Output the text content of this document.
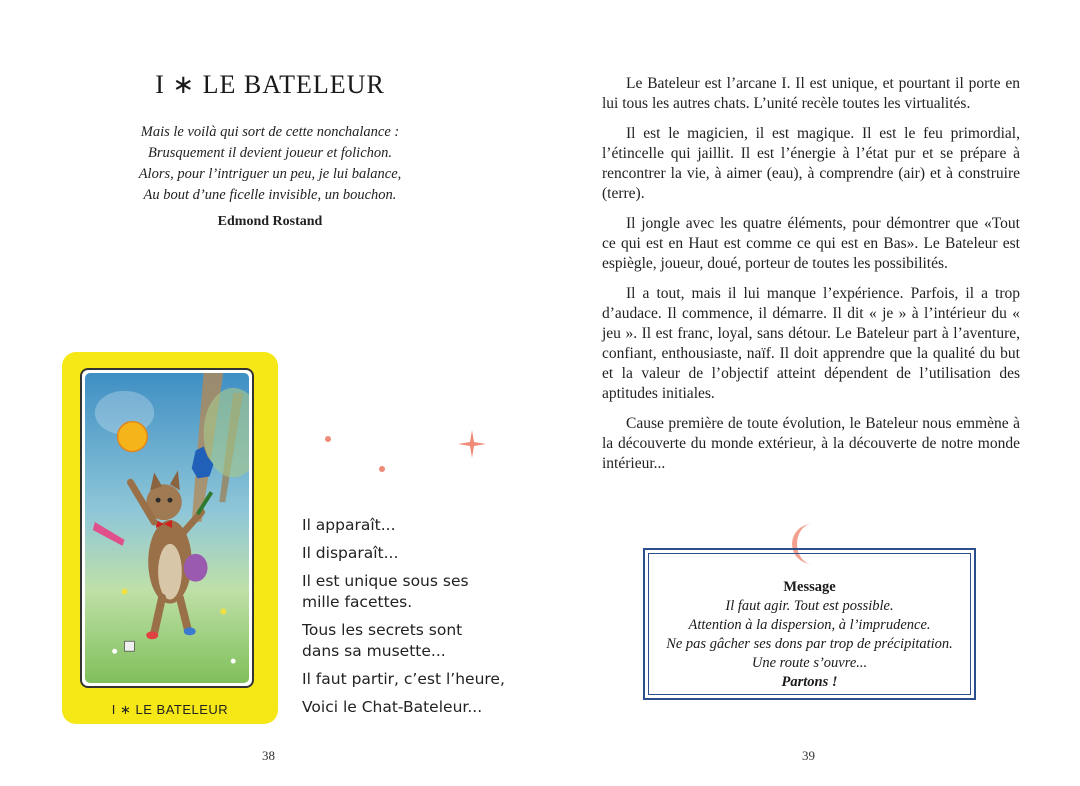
I ∗ LE BATELEUR
Mais le voilà qui sort de cette nonchalance :
Brusquement il devient joueur et folichon.
Alors, pour l’intriguer un peu, je lui balance,
Au bout d’une ficelle invisible, un bouchon.
Edmond Rostand
I ∗ LE BATELEUR
Il apparaît...
Il disparaît...
Il est unique sous ses
mille facettes.
Tous les secrets sont
dans sa musette...
Il faut partir, c’est l’heure,
Voici le Chat-Bateleur...
38

Le Bateleur est l’arcane I. Il est unique, et pourtant il porte en lui tous les autres chats. L’unité recèle toutes les virtualités.

Il est le magicien, il est magique. Il est le feu primordial, l’étincelle qui jaillit. Il est l’énergie à l’état pur et se prépare à rencontrer la vie, à aimer (eau), à comprendre (air) et à construire (terre).

Il jongle avec les quatre éléments, pour démontrer que «Tout ce qui est en Haut est comme ce qui est en Bas». Le Bateleur est espiègle, joueur, doué, porteur de toutes les possibilités.

Il a tout, mais il lui manque l’expérience. Parfois, il a trop d’audace. Il commence, il démarre. Il dit « je » à l’intérieur du « jeu ». Il est franc, loyal, sans détour. Le Bateleur part à l’aventure, confiant, enthousiaste, naïf. Il doit apprendre que la qualité du but et la valeur de l’objectif atteint dépendent de l’utilisation des aptitudes initiales.

Cause première de toute évolution, le Bateleur nous emmène à la découverte du monde extérieur, à la découverte de notre monde intérieur...

Message
Il faut agir. Tout est possible.
Attention à la dispersion, à l’imprudence.
Ne pas gâcher ses dons par trop de précipitation.
Une route s’ouvre...
Partons !
39
